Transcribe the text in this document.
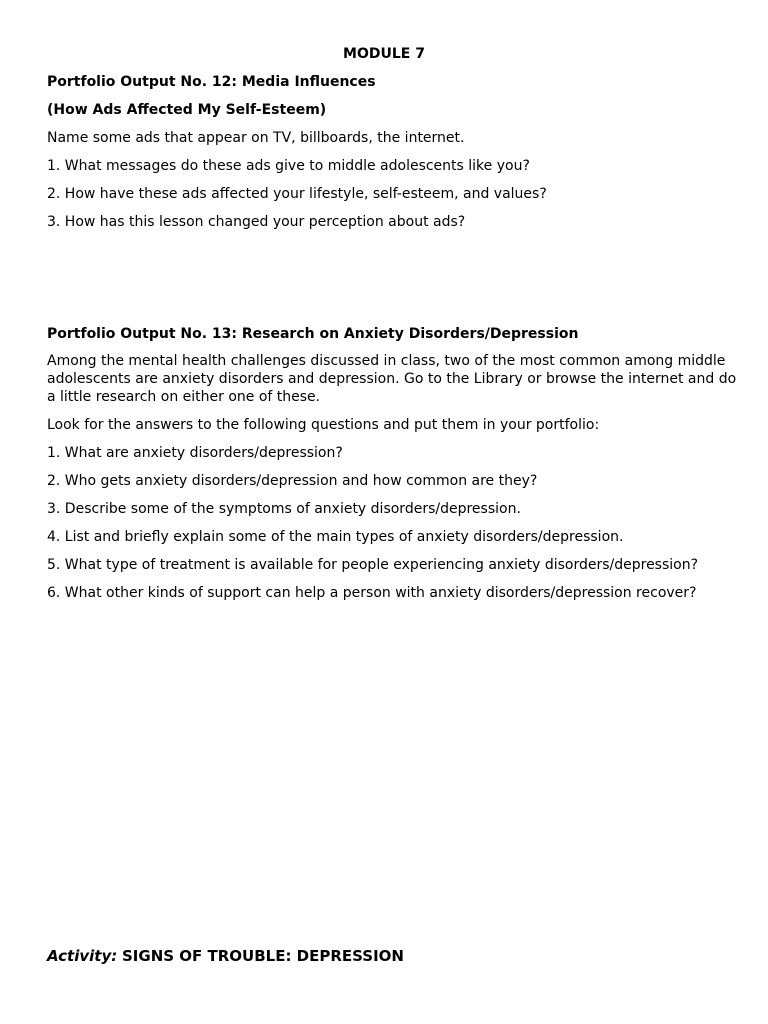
MODULE 7

Portfolio Output No. 12: Media Influences

(How Ads Affected My Self-Esteem)

Name some ads that appear on TV, billboards, the internet.

1. What messages do these ads give to middle adolescents like you?

2. How have these ads affected your lifestyle, self-esteem, and values?

3. How has this lesson changed your perception about ads?

Portfolio Output No. 13: Research on Anxiety Disorders/Depression

Among the mental health challenges discussed in class, two of the most common among middle adolescents are anxiety disorders and depression. Go to the Library or browse the internet and do a little research on either one of these.

Look for the answers to the following questions and put them in your portfolio:

1. What are anxiety disorders/depression?

2. Who gets anxiety disorders/depression and how common are they?

3. Describe some of the symptoms of anxiety disorders/depression.

4. List and briefly explain some of the main types of anxiety disorders/depression.

5. What type of treatment is available for people experiencing anxiety disorders/depression?

6. What other kinds of support can help a person with anxiety disorders/depression recover?

Activity: SIGNS OF TROUBLE: DEPRESSION
